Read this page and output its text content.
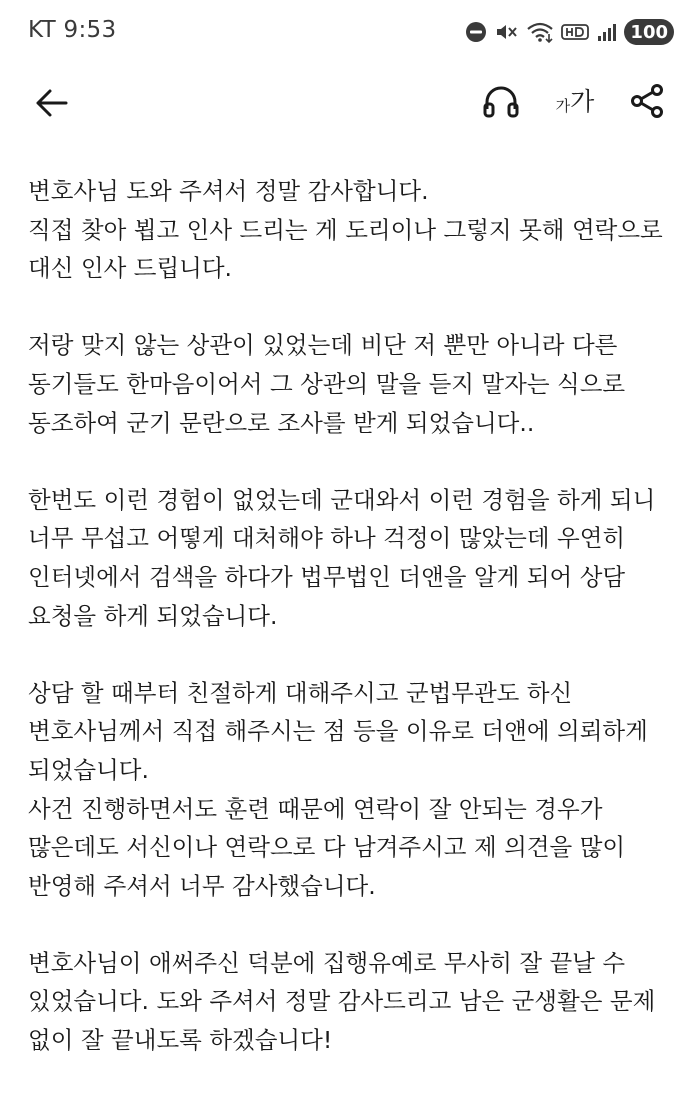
KT 9:53	100
가 가
변호사님 도와 주셔서 정말 감사합니다.
직접 찾아 뵙고 인사 드리는 게 도리이나 그렇지 못해 연락으로
대신 인사 드립니다.
저랑 맞지 않는 상관이 있었는데 비단 저 뿐만 아니라 다른
동기들도 한마음이어서 그 상관의 말을 듣지 말자는 식으로
동조하여 군기 문란으로 조사를 받게 되었습니다..
한번도 이런 경험이 없었는데 군대와서 이런 경험을 하게 되니
너무 무섭고 어떻게 대처해야 하나 걱정이 많았는데 우연히
인터넷에서 검색을 하다가 법무법인 더앤을 알게 되어 상담
요청을 하게 되었습니다.
상담 할 때부터 친절하게 대해주시고 군법무관도 하신
변호사님께서 직접 해주시는 점 등을 이유로 더앤에 의뢰하게
되었습니다.
사건 진행하면서도 훈련 때문에 연락이 잘 안되는 경우가
많은데도 서신이나 연락으로 다 남겨주시고 제 의견을 많이
반영해 주셔서 너무 감사했습니다.
변호사님이 애써주신 덕분에 집행유예로 무사히 잘 끝날 수
있었습니다. 도와 주셔서 정말 감사드리고 남은 군생활은 문제
없이 잘 끝내도록 하겠습니다!
